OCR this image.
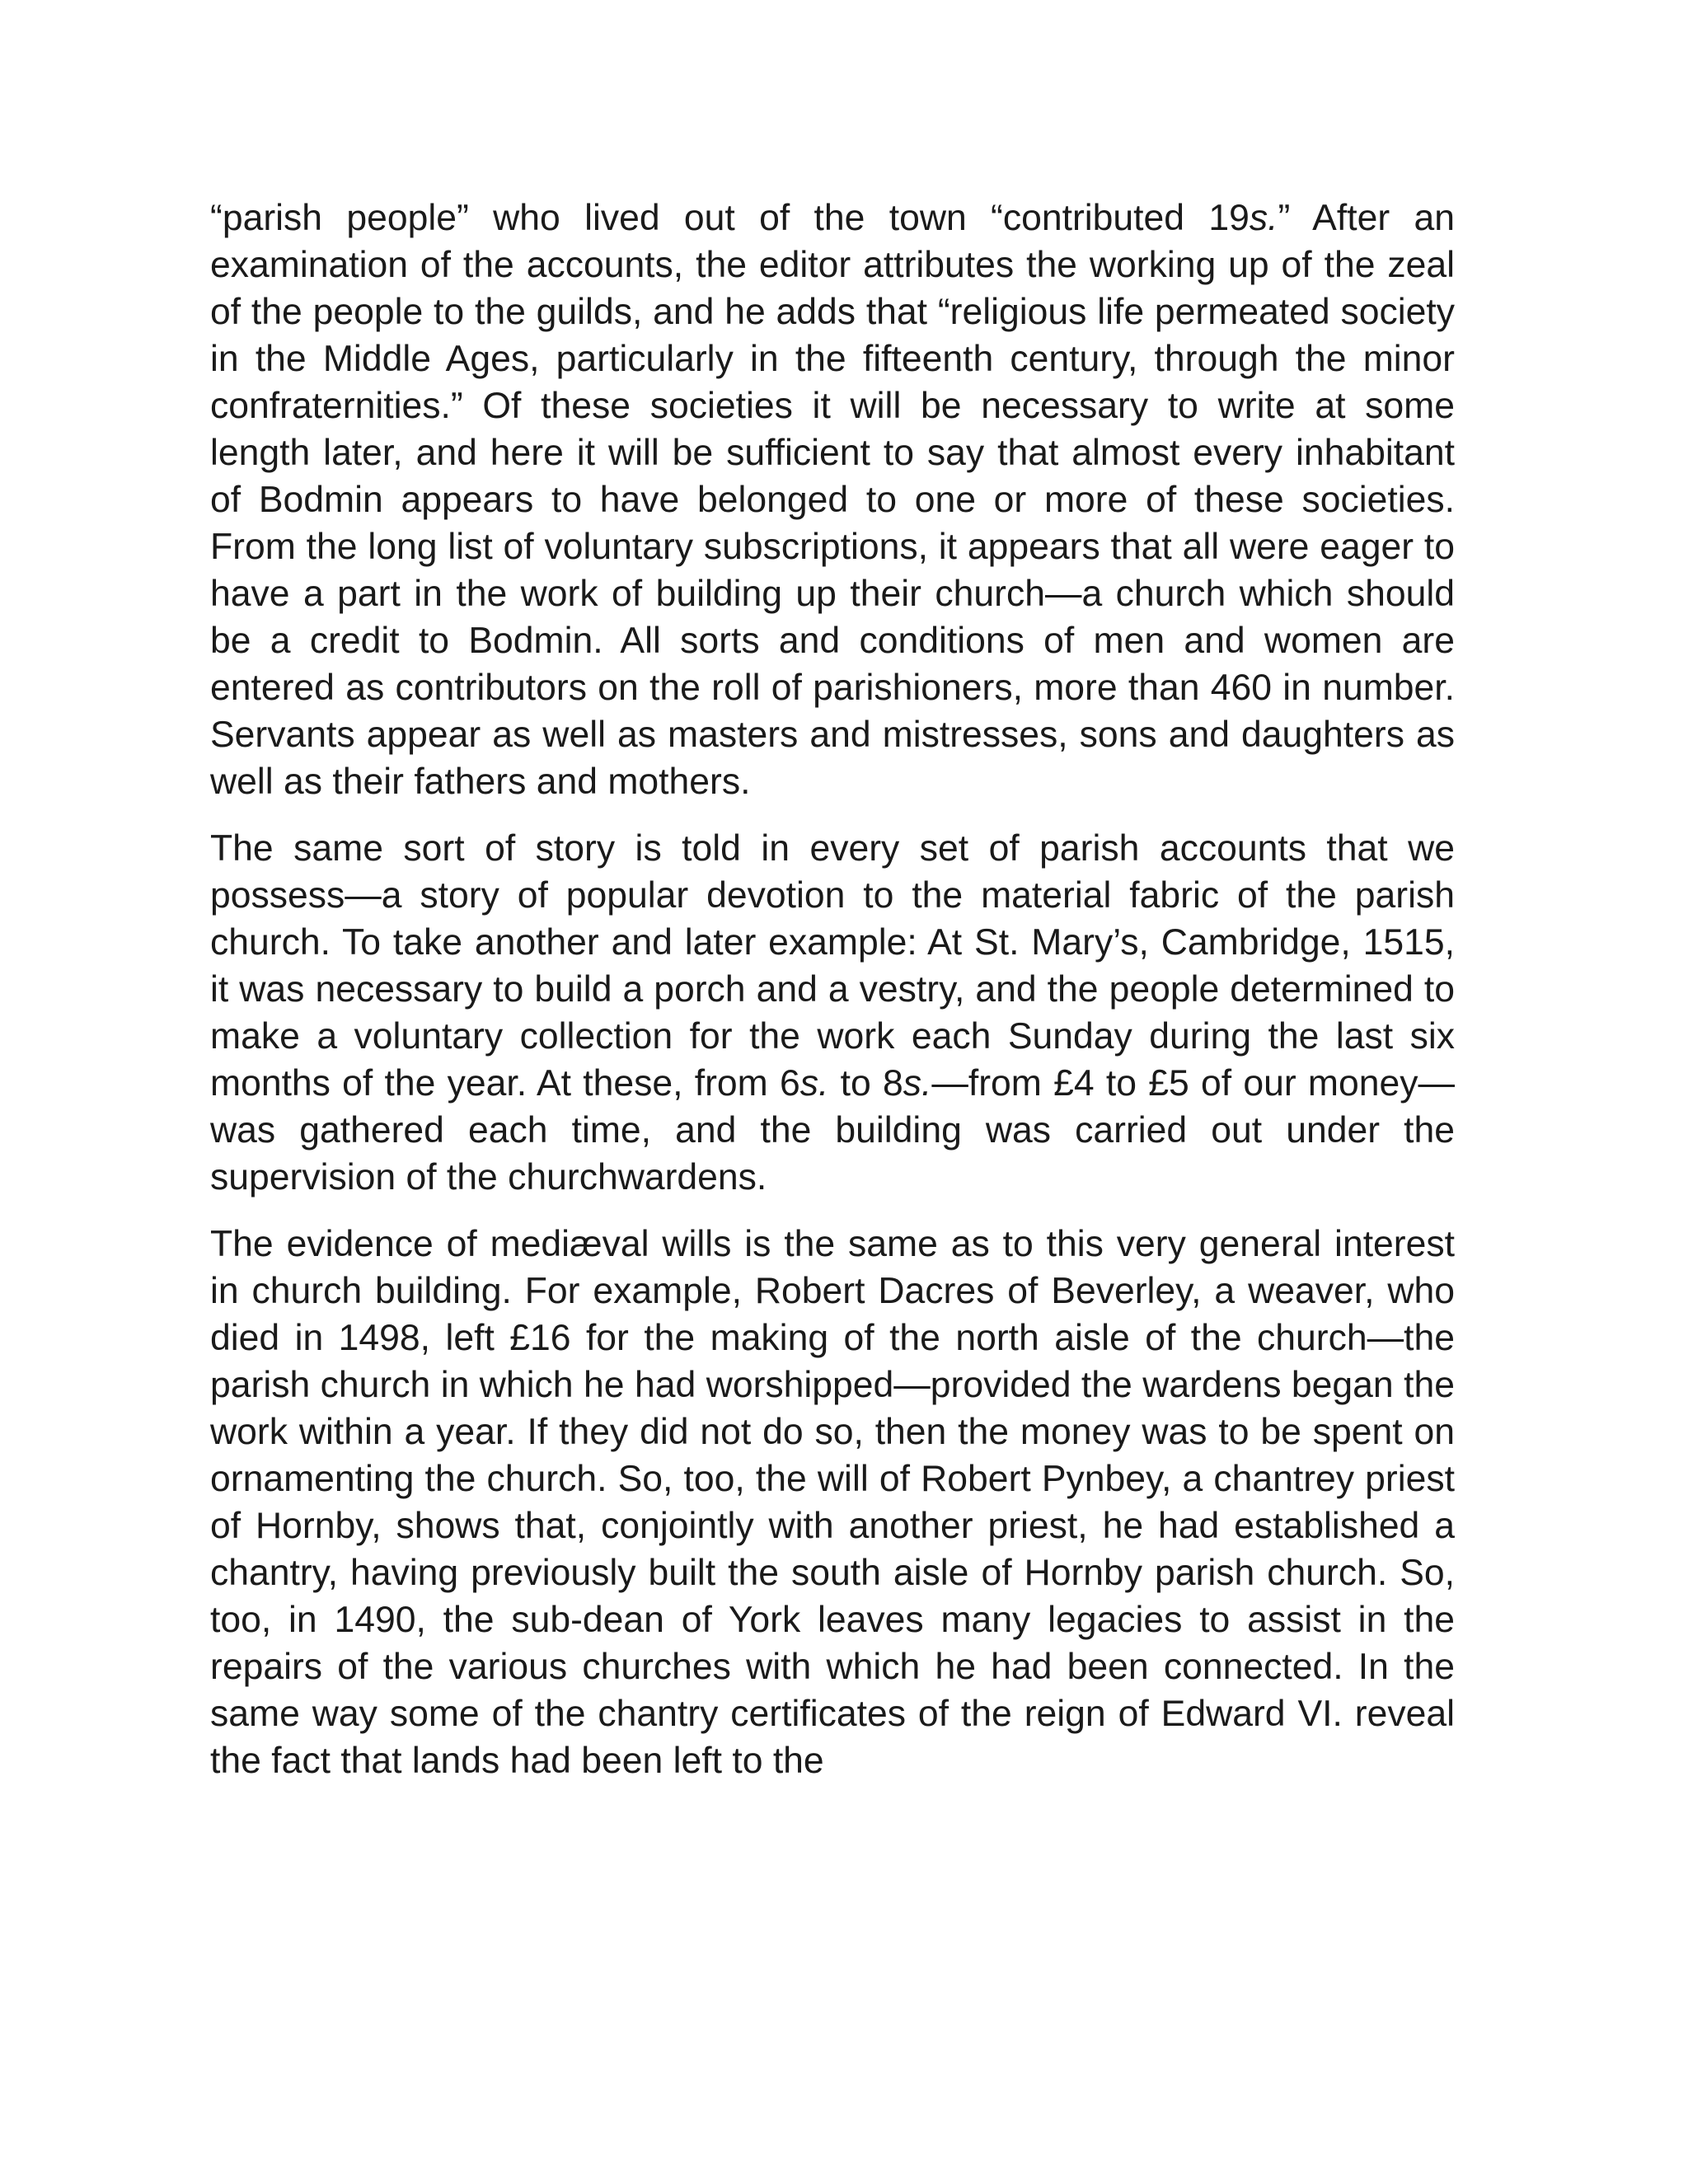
“parish people” who lived out of the town “contributed 19s.” After an examination of the accounts, the editor attributes the working up of the zeal of the people to the guilds, and he adds that “religious life permeated society in the Middle Ages, particularly in the fifteenth century, through the minor confraternities.” Of these societies it will be necessary to write at some length later, and here it will be sufficient to say that almost every inhabitant of Bodmin appears to have belonged to one or more of these societies. From the long list of voluntary subscriptions, it appears that all were eager to have a part in the work of building up their church—a church which should be a credit to Bodmin. All sorts and conditions of men and women are entered as contributors on the roll of parishioners, more than 460 in number. Servants appear as well as masters and mistresses, sons and daughters as well as their fathers and mothers.

The same sort of story is told in every set of parish accounts that we possess—a story of popular devotion to the material fabric of the parish church. To take another and later example: At St. Mary’s, Cambridge, 1515, it was necessary to build a porch and a vestry, and the people determined to make a voluntary collection for the work each Sunday during the last six months of the year. At these, from 6s. to 8s.—from £4 to £5 of our money—was gathered each time, and the building was carried out under the supervision of the churchwardens.

The evidence of mediæval wills is the same as to this very general interest in church building. For example, Robert Dacres of Beverley, a weaver, who died in 1498, left £16 for the making of the north aisle of the church—the parish church in which he had worshipped—provided the wardens began the work within a year. If they did not do so, then the money was to be spent on ornamenting the church. So, too, the will of Robert Pynbey, a chantrey priest of Hornby, shows that, conjointly with another priest, he had established a chantry, having previously built the south aisle of Hornby parish church. So, too, in 1490, the sub-dean of York leaves many legacies to assist in the repairs of the various churches with which he had been connected. In the same way some of the chantry certificates of the reign of Edward VI. reveal the fact that lands had been left to the
